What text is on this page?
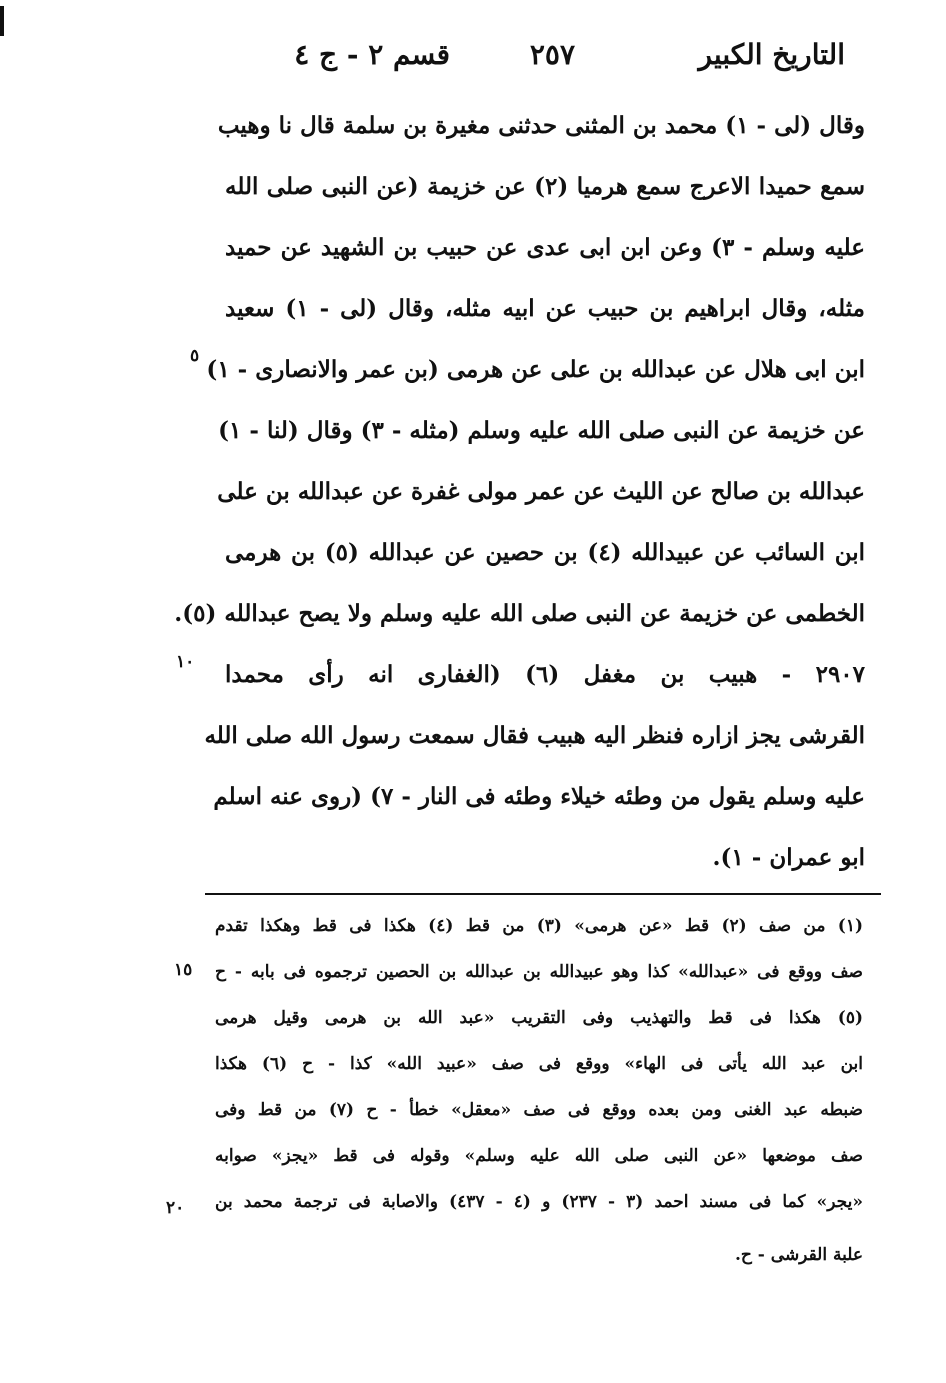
التاريخ الكبير
٢٥٧
قسم ٢ - ج ٤
وقال (لى - ١) محمد بن المثنى حدثنى مغيرة بن سلمة قال نا وهيب
سمع حميدا الاعرج سمع هرميا (٢) عن خزيمة (عن النبى صلى الله
عليه وسلم - ٣) وعن ابن ابى عدى عن حبيب بن الشهيد عن حميد
مثله، وقال ابراهيم بن حبيب عن ابيه مثله، وقال (لى - ١) سعيد
ابن ابى هلال عن عبدالله بن على عن هرمى (بن عمر والانصارى - ١)
عن خزيمة عن النبى صلى الله عليه وسلم (مثله - ٣) وقال (لنا - ١)
عبدالله بن صالح عن الليث عن عمر مولى غفرة عن عبدالله بن على
ابن السائب عن عبيدالله (٤) بن حصين عن عبدالله (٥) بن هرمى
الخطمى عن خزيمة عن النبى صلى الله عليه وسلم ولا يصح عبدالله (٥).
٢٩٠٧ - هبيب بن مغفل (٦) (الغفارى انه رأى محمدا
القرشى يجز ازاره فنظر اليه هبيب فقال سمعت رسول الله صلى الله
عليه وسلم يقول من وطئه خيلاء وطئه فى النار - ٧) (روى عنه اسلم
ابو عمران - ١).
٥
١٠
(١) من صف (٢) قط «عن هرمى» (٣) من قط (٤) هكذا فى قط وهكذا تقدم
صف ووقع فى «عبدالله» كذا وهو عبيدالله بن عبدالله بن الحصين ترجموه فى بابه - ح
(٥) هكذا فى قط والتهذيب وفى التقريب «عبد الله بن هرمى وقيل هرمى
ابن عبد الله يأتى فى الهاء» ووقع فى صف «عبيد الله» كذا - ح (٦) هكذا
ضبطه عبد الغنى ومن بعده ووقع فى صف «معقل» خطأ - ح (٧) من قط وفى
صف موضعها «عن النبى صلى الله عليه وسلم» وقوله فى قط «يجز» صوابه
«يجر» كما فى مسند احمد (٣ - ٢٣٧) و (٤ - ٤٣٧) والاصابة فى ترجمة محمد بن
علبة القرشى - ح.
١٥
٢٠
